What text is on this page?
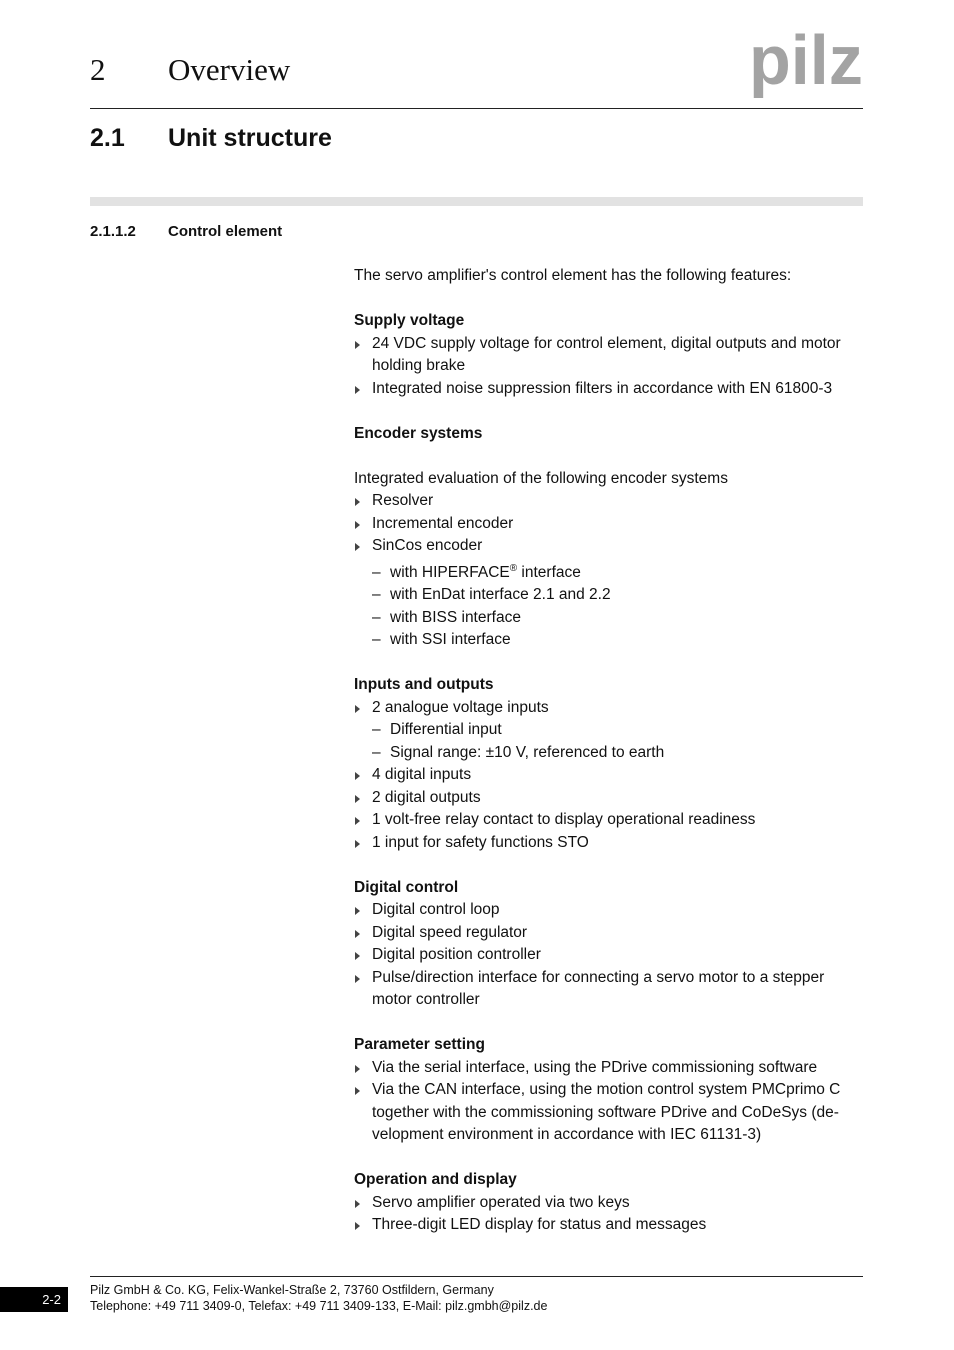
2 Overview	pilz
2.1 Unit structure
2.1.1.2 Control element

The servo amplifier's control element has the following features:

Supply voltage

24 VDC supply voltage for control element, digital outputs and motor holding brake
Integrated noise suppression filters in accordance with EN 61800-3

Encoder systems

Integrated evaluation of the following encoder systems

Resolver
Incremental encoder
SinCos encoder
– with HIPERFACE® interface
– with EnDat interface 2.1 and 2.2
– with BISS interface
– with SSI interface

Inputs and outputs

2 analogue voltage inputs
– Differential input
– Signal range: ±10 V, referenced to earth
4 digital inputs
2 digital outputs
1 volt-free relay contact to display operational readiness
1 input for safety functions STO

Digital control

Digital control loop
Digital speed regulator
Digital position controller
Pulse/direction interface for connecting a servo motor to a stepper motor controller

Parameter setting

Via the serial interface, using the PDrive commissioning software
Via the CAN interface, using the motion control system PMCprimo C together with the commissioning software PDrive and CoDeSys (de-velopment environment in accordance with IEC 61131-3)

Operation and display

Servo amplifier operated via two keys
Three-digit LED display for status and messages
2-2
Pilz GmbH & Co. KG, Felix-Wankel-Straße 2, 73760 Ostfildern, Germany
Telephone: +49 711 3409-0, Telefax: +49 711 3409-133, E-Mail: pilz.gmbh@pilz.de
